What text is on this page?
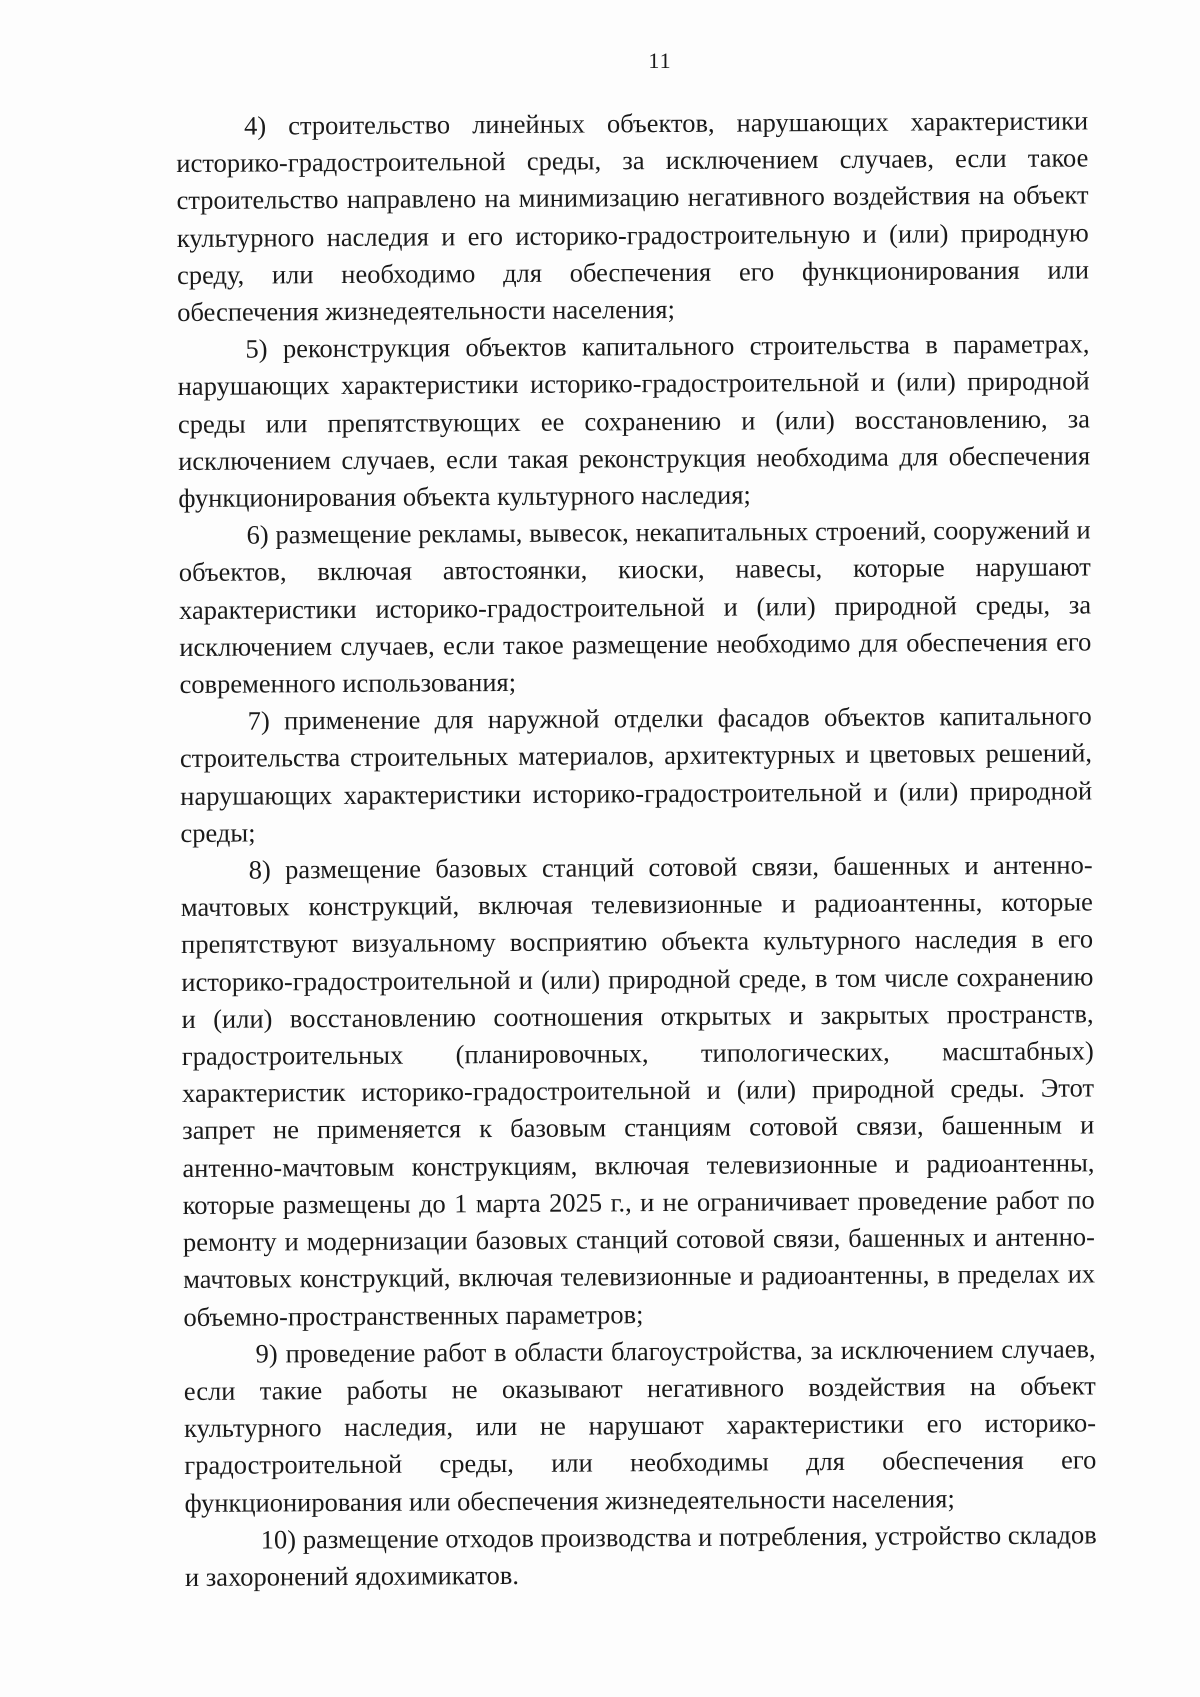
11

4) строительство линейных объектов, нарушающих характеристики историко-градостроительной среды, за исключением случаев, если такое строительство направлено на минимизацию негативного воздействия на объект культурного наследия и его историко-градостроительную и (или) природную среду, или необходимо для обеспечения его функционирования или обеспечения жизнедеятельности населения;

5) реконструкция объектов капитального строительства в параметрах, нарушающих характеристики историко-градостроительной и (или) природной среды или препятствующих ее сохранению и (или) восстановлению, за исключением случаев, если такая реконструкция необходима для обеспечения функционирования объекта культурного наследия;

6) размещение рекламы, вывесок, некапитальных строений, сооружений и объектов, включая автостоянки, киоски, навесы, которые нарушают характеристики историко-градостроительной и (или) природной среды, за исключением случаев, если такое размещение необходимо для обеспечения его современного использования;

7) применение для наружной отделки фасадов объектов капитального строительства строительных материалов, архитектурных и цветовых решений, нарушающих характеристики историко-градостроительной и (или) природной среды;

8) размещение базовых станций сотовой связи, башенных и антенно-мачтовых конструкций, включая телевизионные и радиоантенны, которые препятствуют визуальному восприятию объекта культурного наследия в его историко-градостроительной и (или) природной среде, в том числе сохранению и (или) восстановлению соотношения открытых и закрытых пространств, градостроительных (планировочных, типологических, масштабных) характеристик историко-градостроительной и (или) природной среды. Этот запрет не применяется к базовым станциям сотовой связи, башенным и антенно-мачтовым конструкциям, включая телевизионные и радиоантенны, которые размещены до 1 марта 2025 г., и не ограничивает проведение работ по ремонту и модернизации базовых станций сотовой связи, башенных и антенно-мачтовых конструкций, включая телевизионные и радиоантенны, в пределах их объемно-пространственных параметров;

9) проведение работ в области благоустройства, за исключением случаев, если такие работы не оказывают негативного воздействия на объект культурного наследия, или не нарушают характеристики его историко-градостроительной среды, или необходимы для обеспечения его функционирования или обеспечения жизнедеятельности населения;

10) размещение отходов производства и потребления, устройство складов и захоронений ядохимикатов.
